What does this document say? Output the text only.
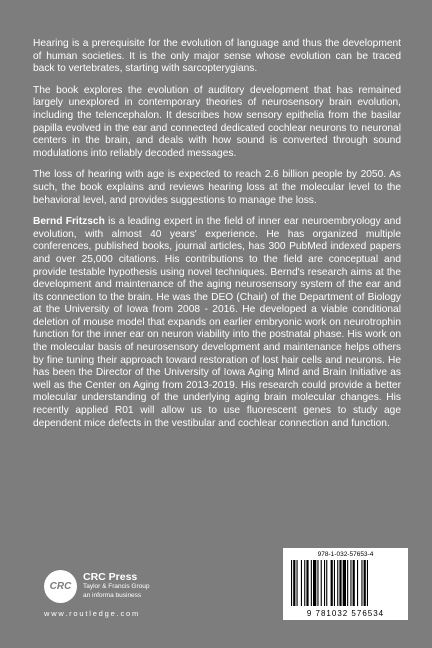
Hearing is a prerequisite for the evolution of language and thus the development of human societies. It is the only major sense whose evolution can be traced back to vertebrates, starting with sarcopterygians.

The book explores the evolution of auditory development that has remained largely unexplored in contemporary theories of neurosensory brain evolution, including the telencephalon. It describes how sensory epithelia from the basilar papilla evolved in the ear and connected dedicated cochlear neurons to neuronal centers in the brain, and deals with how sound is converted through sound modulations into reliably decoded messages.

The loss of hearing with age is expected to reach 2.6 billion people by 2050. As such, the book explains and reviews hearing loss at the molecular level to the behavioral level, and provides suggestions to manage the loss.

Bernd Fritzsch is a leading expert in the field of inner ear neuroembryology and evolution, with almost 40 years' experience. He has organized multiple conferences, published books, journal articles, has 300 PubMed indexed papers and over 25,000 citations. His contributions to the field are conceptual and provide testable hypothesis using novel techniques. Bernd's research aims at the development and maintenance of the aging neurosensory system of the ear and its connection to the brain. He was the DEO (Chair) of the Department of Biology at the University of Iowa from 2008 - 2016. He developed a viable conditional deletion of mouse model that expands on earlier embryonic work on neurotrophin function for the inner ear on neuron viability into the postnatal phase. His work on the molecular basis of neurosensory development and maintenance helps others by fine tuning their approach toward restoration of lost hair cells and neurons. He has been the Director of the University of Iowa Aging Mind and Brain Initiative as well as the Center on Aging from 2013-2019. His research could provide a better molecular understanding of the underlying aging brain molecular changes. His recently applied R01 will allow us to use fluorescent genes to study age dependent mice defects in the vestibular and cochlear connection and function.

CRC
CRC Press
Taylor & Francis Group
an informa business
www.routledge.com
978-1-032-57653-4
9 781032 576534
